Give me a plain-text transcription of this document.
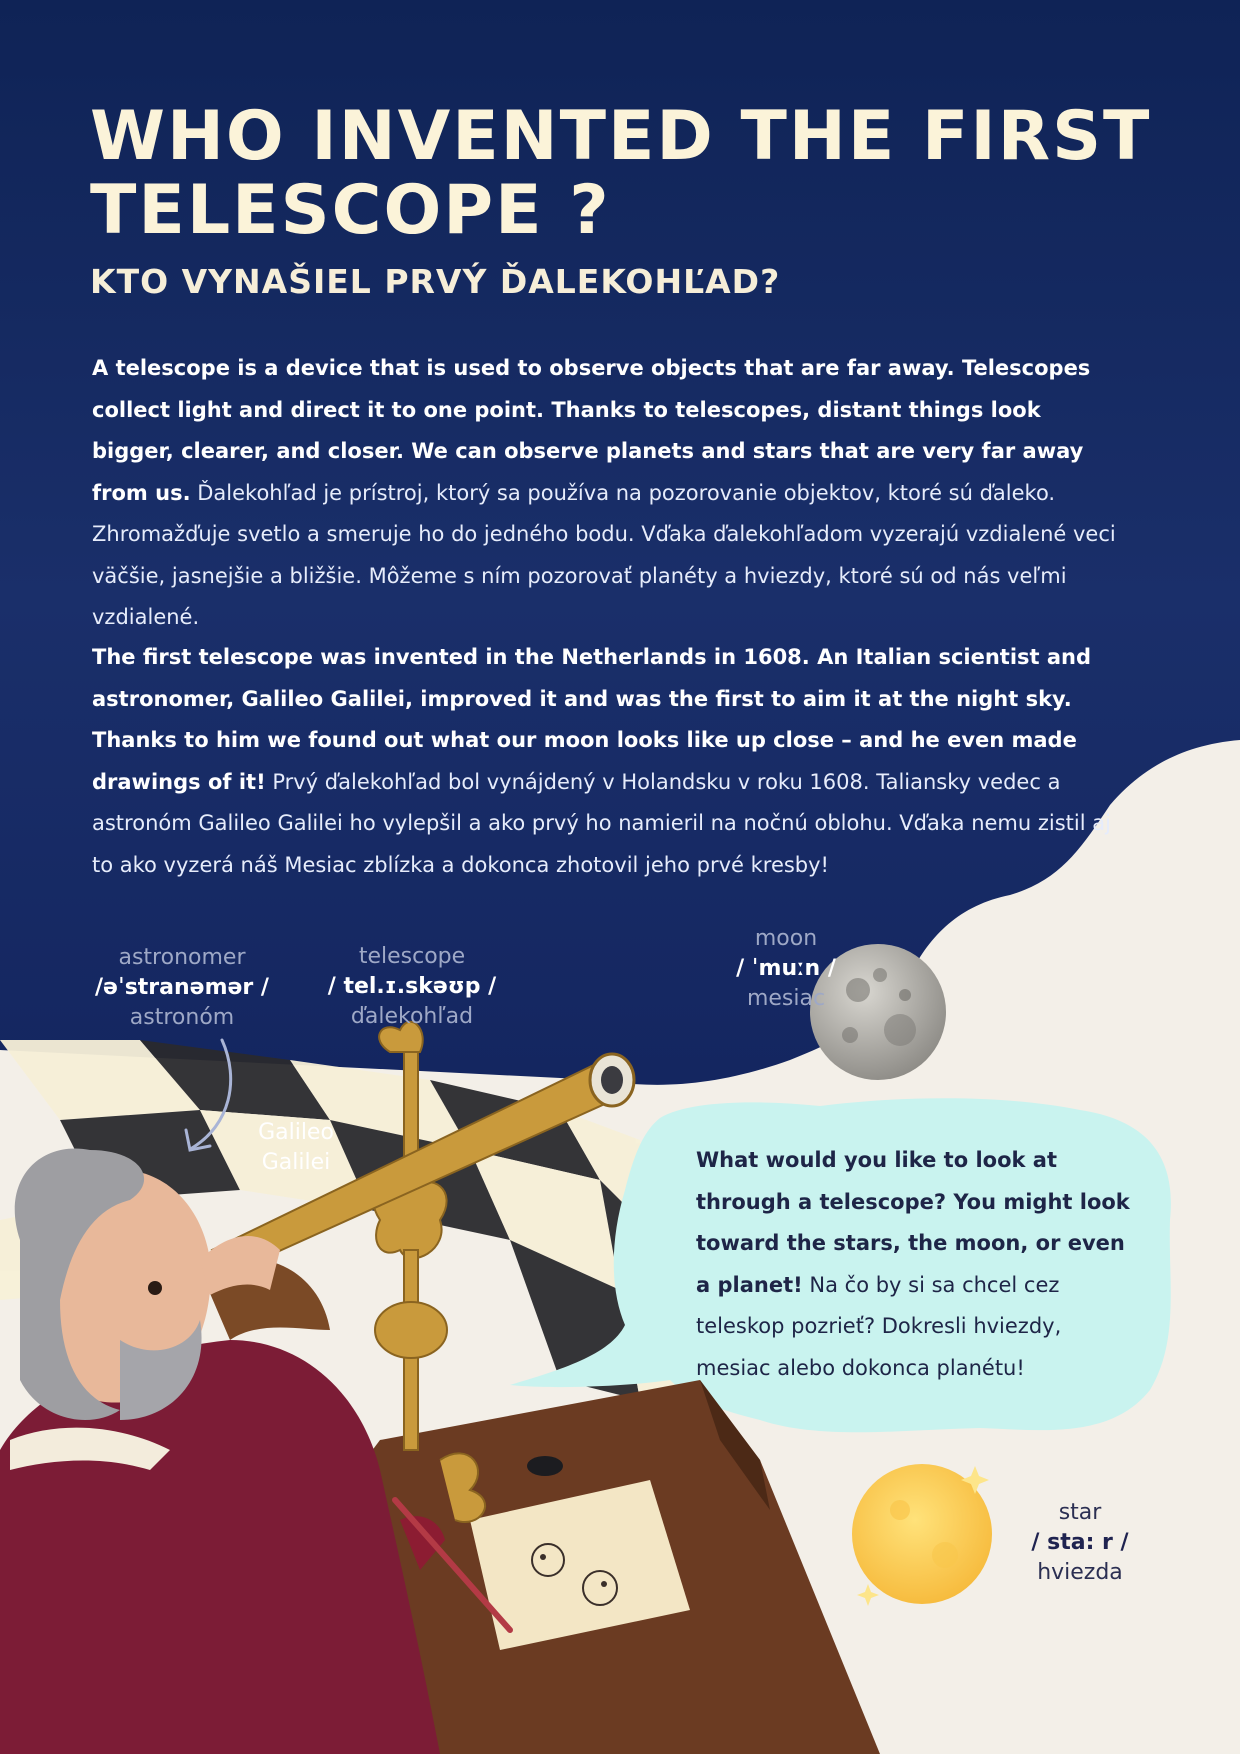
WHO INVENTED THE FIRST TELESCOPE ?
KTO VYNAŠIEL PRVÝ ĎALEKOHĽAD?

A telescope is a device that is used to observe objects that are far away. Telescopes collect light and direct it to one point. Thanks to telescopes, distant things look bigger, clearer, and closer. We can observe planets and stars that are very far away from us. Ďalekohľad je prístroj, ktorý sa používa na pozorovanie objektov, ktoré sú ďaleko. Zhromažďuje svetlo a smeruje ho do jedného bodu. Vďaka ďalekohľadom vyzerajú vzdialené veci väčšie, jasnejšie a bližšie. Môžeme s ním pozorovať planéty a hviezdy, ktoré sú od nás veľmi vzdialené.

The first telescope was invented in the Netherlands in 1608. An Italian scientist and astronomer, Galileo Galilei, improved it and was the first to aim it at the night sky. Thanks to him we found out what our moon looks like up close – and he even made drawings of it! Prvý ďalekohľad bol vynájdený v Holandsku v roku 1608. Taliansky vedec a astronóm Galileo Galilei ho vylepšil a ako prvý ho namieril na nočnú oblohu. Vďaka nemu zistil aj to ako vyzerá náš Mesiac zblízka a dokonca zhotovil jeho prvé kresby!

astronomer
/əˈstranəmər /
astronóm
telescope
/ tel.ɪ.skəʊp /
ďalekohľad
moon
/ ˈmuːn /
mesiac
star
/ sta: r /
hviezda
Galileo
Galilei	What would you like to look at through a telescope? You might look toward the stars, the moon, or even a planet! Na čo by si sa chcel cez teleskop pozrieť? Dokresli hviezdy, mesiac alebo dokonca planétu!
